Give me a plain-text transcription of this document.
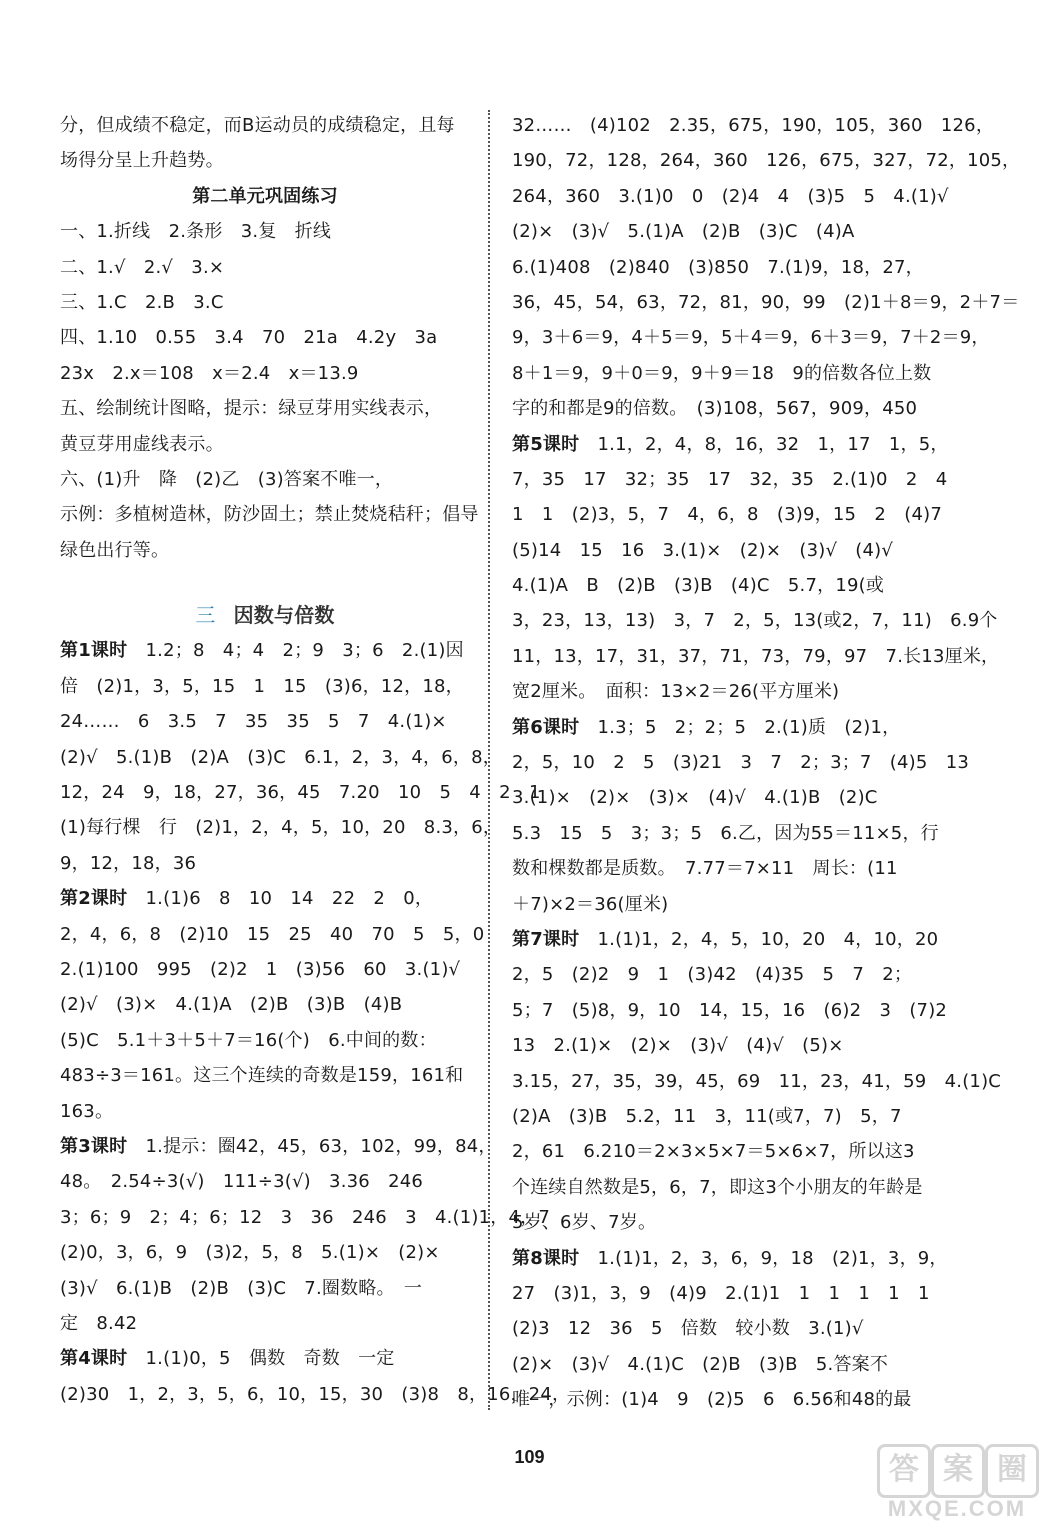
分，但成绩不稳定，而B运动员的成绩稳定，且每
场得分呈上升趋势。
第二单元巩固练习
一、1.折线　2.条形　3.复　折线
二、1.√　2.√　3.×
三、1.C　2.B　3.C
四、1.10　0.55　3.4　70　21a　4.2y　3a
23x　2.x＝108　x＝2.4　x＝13.9
五、绘制统计图略，提示：绿豆芽用实线表示，
黄豆芽用虚线表示。
六、(1)升　降　(2)乙　(3)答案不唯一，
示例：多植树造林，防沙固土；禁止焚烧秸秆；倡导
绿色出行等。
三 因数与倍数
第1课时　1.2；8　4；4　2；9　3；6　2.(1)因
倍　(2)1，3，5，15　1　15　(3)6，12，18，
24……　6　3.5　7　35　35　5　7　4.(1)×
(2)√　5.(1)B　(2)A　(3)C　6.1，2，3，4，6，8，
12，24　9，18，27，36，45　7.20　10　5　4　2　1
(1)每行棵　行　(2)1，2，4，5，10，20　8.3，6，
9，12，18，36
第2课时　1.(1)6　8　10　14　22　2　0，
2，4，6，8　(2)10　15　25　40　70　5　5，0
2.(1)100　995　(2)2　1　(3)56　60　3.(1)√
(2)√　(3)×　4.(1)A　(2)B　(3)B　(4)B
(5)C　5.1＋3＋5＋7＝16(个)　6.中间的数：
483÷3＝161。这三个连续的奇数是159，161和
163。
第3课时　1.提示：圈42，45，63，102，99，84，
48。　2.54÷3(√)　111÷3(√)　3.36　246
3；6；9　2；4；6；12　3　36　246　3　4.(1)1，4，7
(2)0，3，6，9　(3)2，5，8　5.(1)×　(2)×
(3)√　6.(1)B　(2)B　(3)C　7.圈数略。　一
定　8.42
第4课时　1.(1)0，5　偶数　奇数　一定
(2)30　1，2，3，5，6，10，15，30　(3)8　8，16，24，
32……　(4)102　2.35，675，190，105，360　126，
190，72，128，264，360　126，675，327，72，105，
264，360　3.(1)0　0　(2)4　4　(3)5　5　4.(1)√
(2)×　(3)√　5.(1)A　(2)B　(3)C　(4)A
6.(1)408　(2)840　(3)850　7.(1)9，18，27，
36，45，54，63，72，81，90，99　(2)1＋8＝9，2＋7＝
9，3＋6＝9，4＋5＝9，5＋4＝9，6＋3＝9，7＋2＝9，
8＋1＝9，9＋0＝9，9＋9＝18　9的倍数各位上数
字的和都是9的倍数。　(3)108，567，909，450
第5课时　1.1，2，4，8，16，32　1，17　1，5，
7，35　17　32；35　17　32，35　2.(1)0　2　4
1　1　(2)3，5，7　4，6，8　(3)9，15　2　(4)7
(5)14　15　16　3.(1)×　(2)×　(3)√　(4)√
4.(1)A　B　(2)B　(3)B　(4)C　5.7，19(或
3，23，13，13)　3，7　2，5，13(或2，7，11)　6.9个
11，13，17，31，37，71，73，79，97　7.长13厘米，
宽2厘米。　面积：13×2＝26(平方厘米)
第6课时　1.3；5　2；2；5　2.(1)质　(2)1，
2，5，10　2　5　(3)21　3　7　2；3；7　(4)5　13
3.(1)×　(2)×　(3)×　(4)√　4.(1)B　(2)C
5.3　15　5　3；3；5　6.乙，因为55＝11×5，行
数和棵数都是质数。　7.77＝7×11　周长：(11
＋7)×2＝36(厘米)
第7课时　1.(1)1，2，4，5，10，20　4，10，20
2，5　(2)2　9　1　(3)42　(4)35　5　7　2；
5；7　(5)8，9，10　14，15，16　(6)2　3　(7)2
13　2.(1)×　(2)×　(3)√　(4)√　(5)×
3.15，27，35，39，45，69　11，23，41，59　4.(1)C
(2)A　(3)B　5.2，11　3，11(或7，7)　5，7
2，61　6.210＝2×3×5×7＝5×6×7，所以这3
个连续自然数是5，6，7，即这3个小朋友的年龄是
5岁、6岁、7岁。
第8课时　1.(1)1，2，3，6，9，18　(2)1，3，9，
27　(3)1，3，9　(4)9　2.(1)1　1　1　1　1　1
(2)3　12　36　5　倍数　较小数　3.(1)√
(2)×　(3)√　4.(1)C　(2)B　(3)B　5.答案不
唯一，示例：(1)4　9　(2)5　6　6.56和48的最
109	答 案 圈
MXQE.COM
